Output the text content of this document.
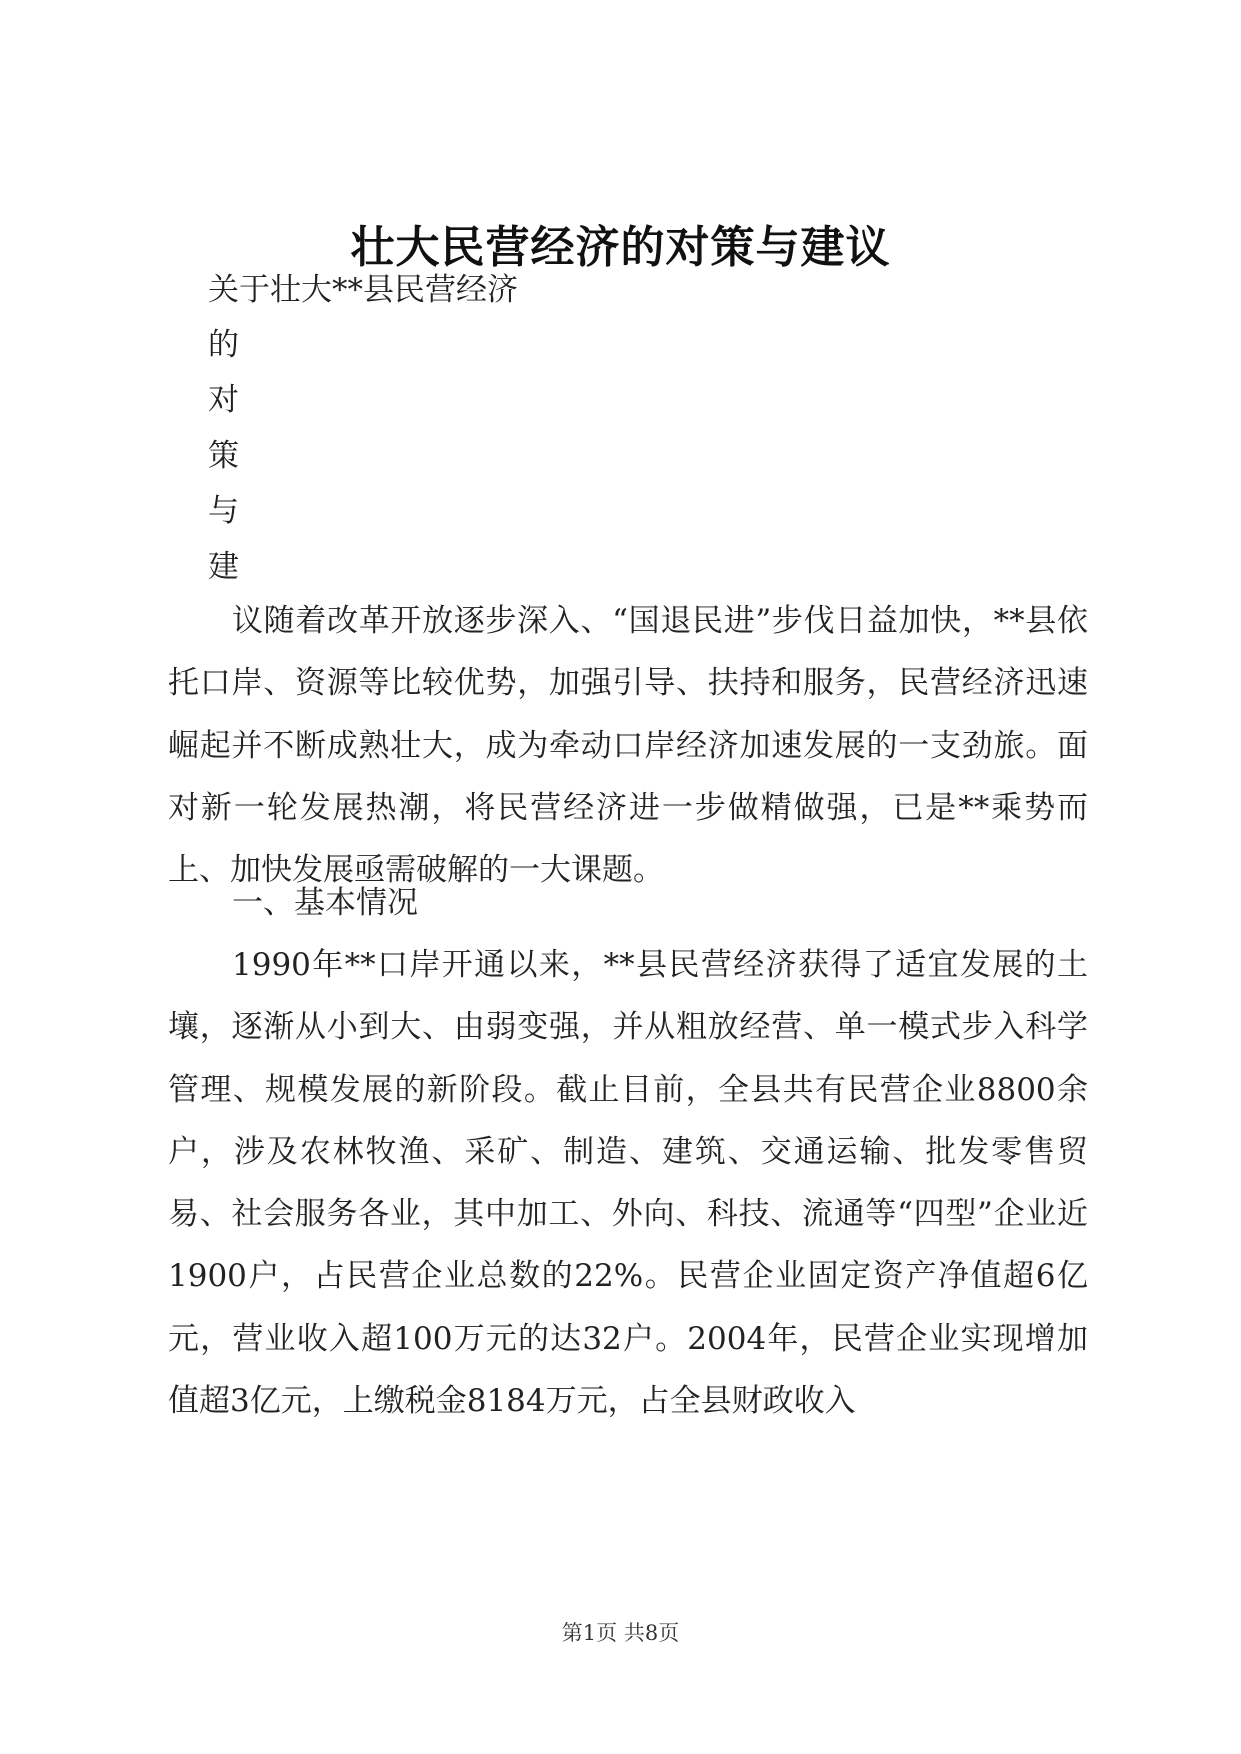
壮大民营经济的对策与建议
关于壮大**县民营经济
的
对
策
与
建

议随着改革开放逐步深入、“国退民进”步伐日益加快，**县依托口岸、资源等比较优势，加强引导、扶持和服务，民营经济迅速崛起并不断成熟壮大，成为牵动口岸经济加速发展的一支劲旅。面对新一轮发展热潮，将民营经济进一步做精做强，已是**乘势而上、加快发展亟需破解的一大课题。

一、基本情况

1990年**口岸开通以来，**县民营经济获得了适宜发展的土壤，逐渐从小到大、由弱变强，并从粗放经营、单一模式步入科学管理、规模发展的新阶段。截止目前，全县共有民营企业8800余户，涉及农林牧渔、采矿、制造、建筑、交通运输、批发零售贸易、社会服务各业，其中加工、外向、科技、流通等“四型”企业近1900户，占民营企业总数的22%。民营企业固定资产净值超6亿元，营业收入超100万元的达32户。2004年，民营企业实现增加值超3亿元，上缴税金8184万元，占全县财政收入

第1页 共8页
